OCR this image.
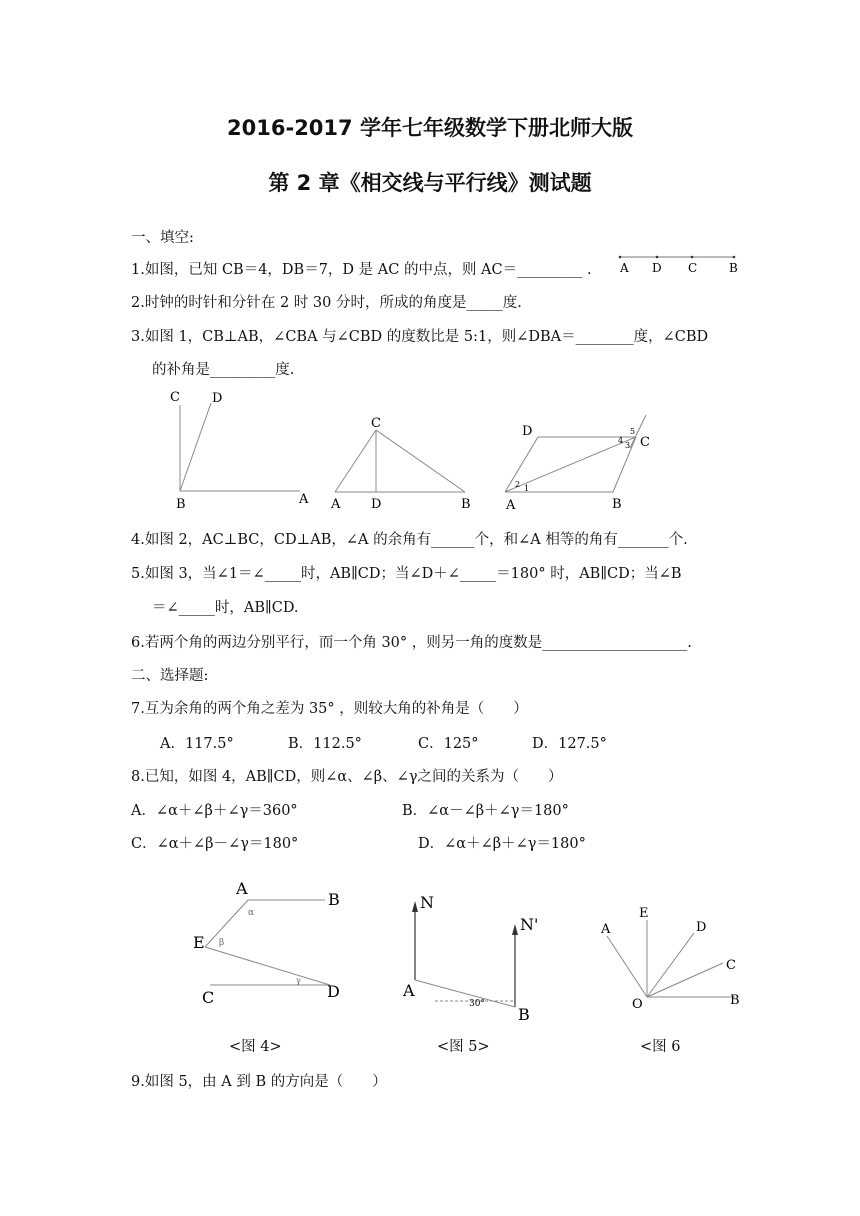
2016-2017 学年七年级数学下册北师大版
第 2 章《相交线与平行线》测试题
一、填空:
1.如图，已知 CB＝4，DB＝7，D 是 AC 的中点，则 AC＝_________ . A D C	B
2.时钟的时针和分针在 2 时 30 分时，所成的角度是_____度.
3.如图 1，CB⊥AB，∠CBA 与∠CBD 的度数比是 5:1，则∠DBA＝________度，∠CBD
的补角是_________度.
C D
B	A
C
A D	B
D
C
A	B
5
4
3
2 1
4.如图 2，AC⊥BC，CD⊥AB，∠A 的余角有______个，和∠A 相等的角有_______个.
5.如图 3，当∠1＝∠_____时，AB∥CD；当∠D＋∠_____＝180° 时，AB∥CD；当∠B
＝∠_____时，AB∥CD.
6.若两个角的两边分别平行，而一个角 30° ，则另一角的度数是____________________.
二、选择题:
7.互为余角的两个角之差为 35° ，则较大角的补角是（　　）
A．117.5°	B．112.5°	C．125°	D．127.5°
8.已知，如图 4，AB∥CD，则∠α、∠β、∠γ之间的关系为（　　）
A．∠α＋∠β＋∠γ＝360°	B．∠α－∠β＋∠γ＝180°
C．∠α＋∠β－∠γ＝180°	D．∠α＋∠β＋∠γ＝180°
A
B
E
C	D
α
β
γ
N
N'
A
B
30°
E
A	D
C
O	B
<图 4>	<图 5>	<图 6
9.如图 5，由 A 到 B 的方向是（　　）
